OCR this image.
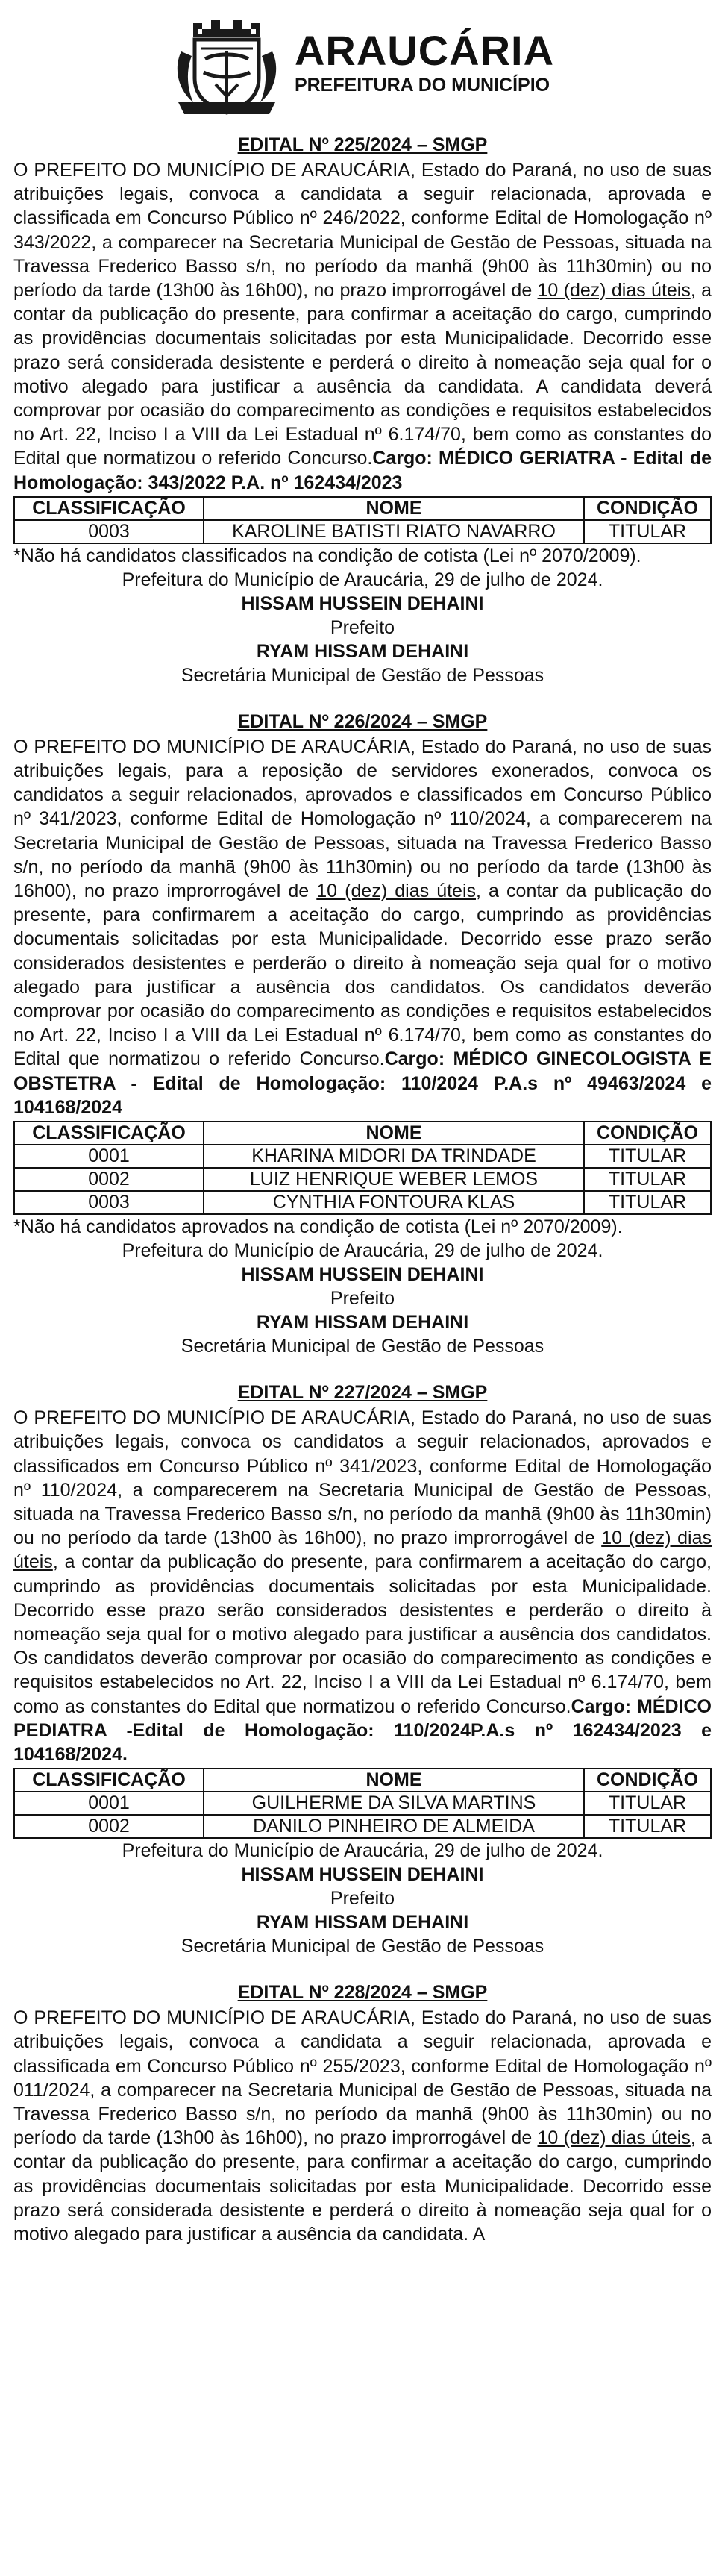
ARAUCÁRIA
PREFEITURA DO MUNICÍPIO
EDITAL Nº 225/2024 – SMGP

O PREFEITO DO MUNICÍPIO DE ARAUCÁRIA, Estado do Paraná, no uso de suas atribuições legais, convoca a candidata a seguir relacionada, aprovada e classificada em Concurso Público nº 246/2022, conforme Edital de Homologação nº 343/2022, a comparecer na Secretaria Municipal de Gestão de Pessoas, situada na Travessa Frederico Basso s/n, no período da manhã (9h00 às 11h30min) ou no período da tarde (13h00 às 16h00), no prazo improrrogável de 10 (dez) dias úteis, a contar da publicação do presente, para confirmar a aceitação do cargo, cumprindo as providências documentais solicitadas por esta Municipalidade. Decorrido esse prazo será considerada desistente e perderá o direito à nomeação seja qual for o motivo alegado para justificar a ausência da candidata. A candidata deverá comprovar por ocasião do comparecimento as condições e requisitos estabelecidos no Art. 22, Inciso I a VIII da Lei Estadual nº 6.174/70, bem como as constantes do Edital que normatizou o referido Concurso.Cargo: MÉDICO GERIATRA - Edital de Homologação: 343/2022 P.A. nº 162434/2023

CLASSIFICAÇÃO	NOME	CONDIÇÃO
0003	KAROLINE BATISTI RIATO NAVARRO	TITULAR

*Não há candidatos classificados na condição de cotista (Lei nº 2070/2009).

Prefeitura do Município de Araucária, 29 de julho de 2024.
HISSAM HUSSEIN DEHAINI
Prefeito
RYAM HISSAM DEHAINI
Secretária Municipal de Gestão de Pessoas
EDITAL Nº 226/2024 – SMGP

O PREFEITO DO MUNICÍPIO DE ARAUCÁRIA, Estado do Paraná, no uso de suas atribuições legais, para a reposição de servidores exonerados, convoca os candidatos a seguir relacionados, aprovados e classificados em Concurso Público nº 341/2023, conforme Edital de Homologação nº 110/2024, a comparecerem na Secretaria Municipal de Gestão de Pessoas, situada na Travessa Frederico Basso s/n, no período da manhã (9h00 às 11h30min) ou no período da tarde (13h00 às 16h00), no prazo improrrogável de 10 (dez) dias úteis, a contar da publicação do presente, para confirmarem a aceitação do cargo, cumprindo as providências documentais solicitadas por esta Municipalidade. Decorrido esse prazo serão considerados desistentes e perderão o direito à nomeação seja qual for o motivo alegado para justificar a ausência dos candidatos. Os candidatos deverão comprovar por ocasião do comparecimento as condições e requisitos estabelecidos no Art. 22, Inciso I a VIII da Lei Estadual nº 6.174/70, bem como as constantes do Edital que normatizou o referido Concurso.Cargo: MÉDICO GINECOLOGISTA E OBSTETRA - Edital de Homologação: 110/2024 P.A.s nº 49463/2024 e 104168/2024

CLASSIFICAÇÃO	NOME	CONDIÇÃO
0001	KHARINA MIDORI DA TRINDADE	TITULAR
0002	LUIZ HENRIQUE WEBER LEMOS	TITULAR
0003	CYNTHIA FONTOURA KLAS	TITULAR

*Não há candidatos aprovados na condição de cotista (Lei nº 2070/2009).

Prefeitura do Município de Araucária, 29 de julho de 2024.
HISSAM HUSSEIN DEHAINI
Prefeito
RYAM HISSAM DEHAINI
Secretária Municipal de Gestão de Pessoas
EDITAL Nº 227/2024 – SMGP

O PREFEITO DO MUNICÍPIO DE ARAUCÁRIA, Estado do Paraná, no uso de suas atribuições legais, convoca os candidatos a seguir relacionados, aprovados e classificados em Concurso Público nº 341/2023, conforme Edital de Homologação nº 110/2024, a comparecerem na Secretaria Municipal de Gestão de Pessoas, situada na Travessa Frederico Basso s/n, no período da manhã (9h00 às 11h30min) ou no período da tarde (13h00 às 16h00), no prazo improrrogável de 10 (dez) dias úteis, a contar da publicação do presente, para confirmarem a aceitação do cargo, cumprindo as providências documentais solicitadas por esta Municipalidade. Decorrido esse prazo serão considerados desistentes e perderão o direito à nomeação seja qual for o motivo alegado para justificar a ausência dos candidatos. Os candidatos deverão comprovar por ocasião do comparecimento as condições e requisitos estabelecidos no Art. 22, Inciso I a VIII da Lei Estadual nº 6.174/70, bem como as constantes do Edital que normatizou o referido Concurso.Cargo: MÉDICO PEDIATRA -Edital de Homologação: 110/2024P.A.s nº 162434/2023 e 104168/2024.

CLASSIFICAÇÃO	NOME	CONDIÇÃO
0001	GUILHERME DA SILVA MARTINS	TITULAR
0002	DANILO PINHEIRO DE ALMEIDA	TITULAR
Prefeitura do Município de Araucária, 29 de julho de 2024.
HISSAM HUSSEIN DEHAINI
Prefeito
RYAM HISSAM DEHAINI
Secretária Municipal de Gestão de Pessoas
EDITAL Nº 228/2024 – SMGP

O PREFEITO DO MUNICÍPIO DE ARAUCÁRIA, Estado do Paraná, no uso de suas atribuições legais, convoca a candidata a seguir relacionada, aprovada e classificada em Concurso Público nº 255/2023, conforme Edital de Homologação nº 011/2024, a comparecer na Secretaria Municipal de Gestão de Pessoas, situada na Travessa Frederico Basso s/n, no período da manhã (9h00 às 11h30min) ou no período da tarde (13h00 às 16h00), no prazo improrrogável de 10 (dez) dias úteis, a contar da publicação do presente, para confirmar a aceitação do cargo, cumprindo as providências documentais solicitadas por esta Municipalidade. Decorrido esse prazo será considerada desistente e perderá o direito à nomeação seja qual for o motivo alegado para justificar a ausência da candidata. A
